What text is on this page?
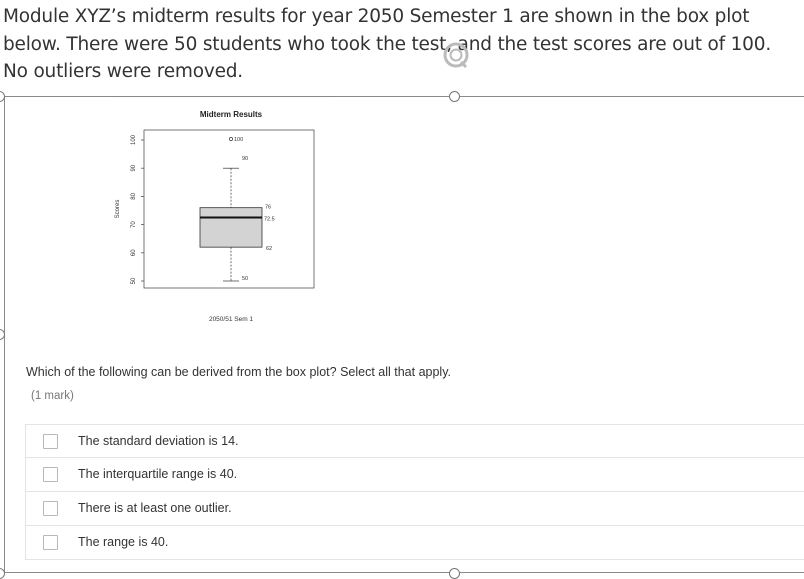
Module XYZ’s midterm results for year 2050 Semester 1 are shown in the box plot below. There were 50 students who took the test, and the test scores are out of 100. No outliers were removed.
Midterm Results
Scores
2050/51 Sem 1
50
60
70
80
90
100	100
90
76
72.5
62
50
Which of the following can be derived from the box plot? Select all that apply.
(1 mark)
The standard deviation is 14.
The interquartile range is 40.
There is at least one outlier.
The range is 40.
